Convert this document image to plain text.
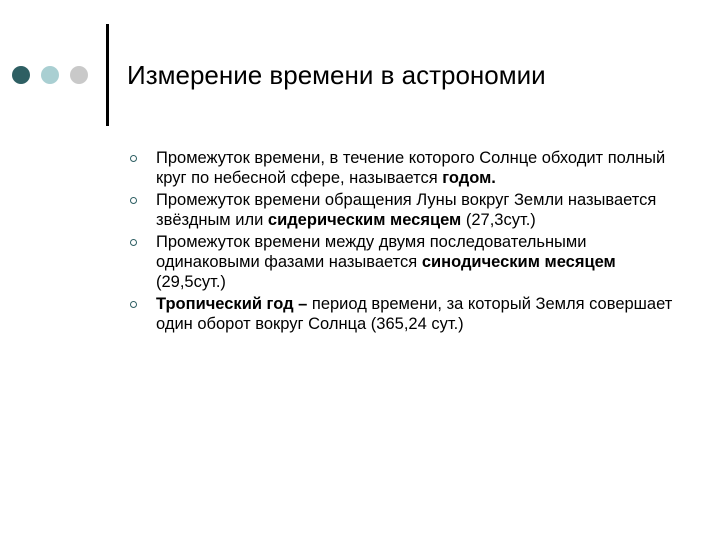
Измерение времени в астрономии
Промежуток времени, в течение которого Солнце обходит полный круг по небесной сфере, называется годом.
Промежуток времени обращения Луны вокруг Земли называется звёздным или сидерическим месяцем (27,3сут.)
Промежуток времени между двумя последовательными одинаковыми фазами называется синодическим месяцем (29,5сут.)
Тропический год – период времени, за который Земля совершает один оборот вокруг Солнца (365,24 сут.)
